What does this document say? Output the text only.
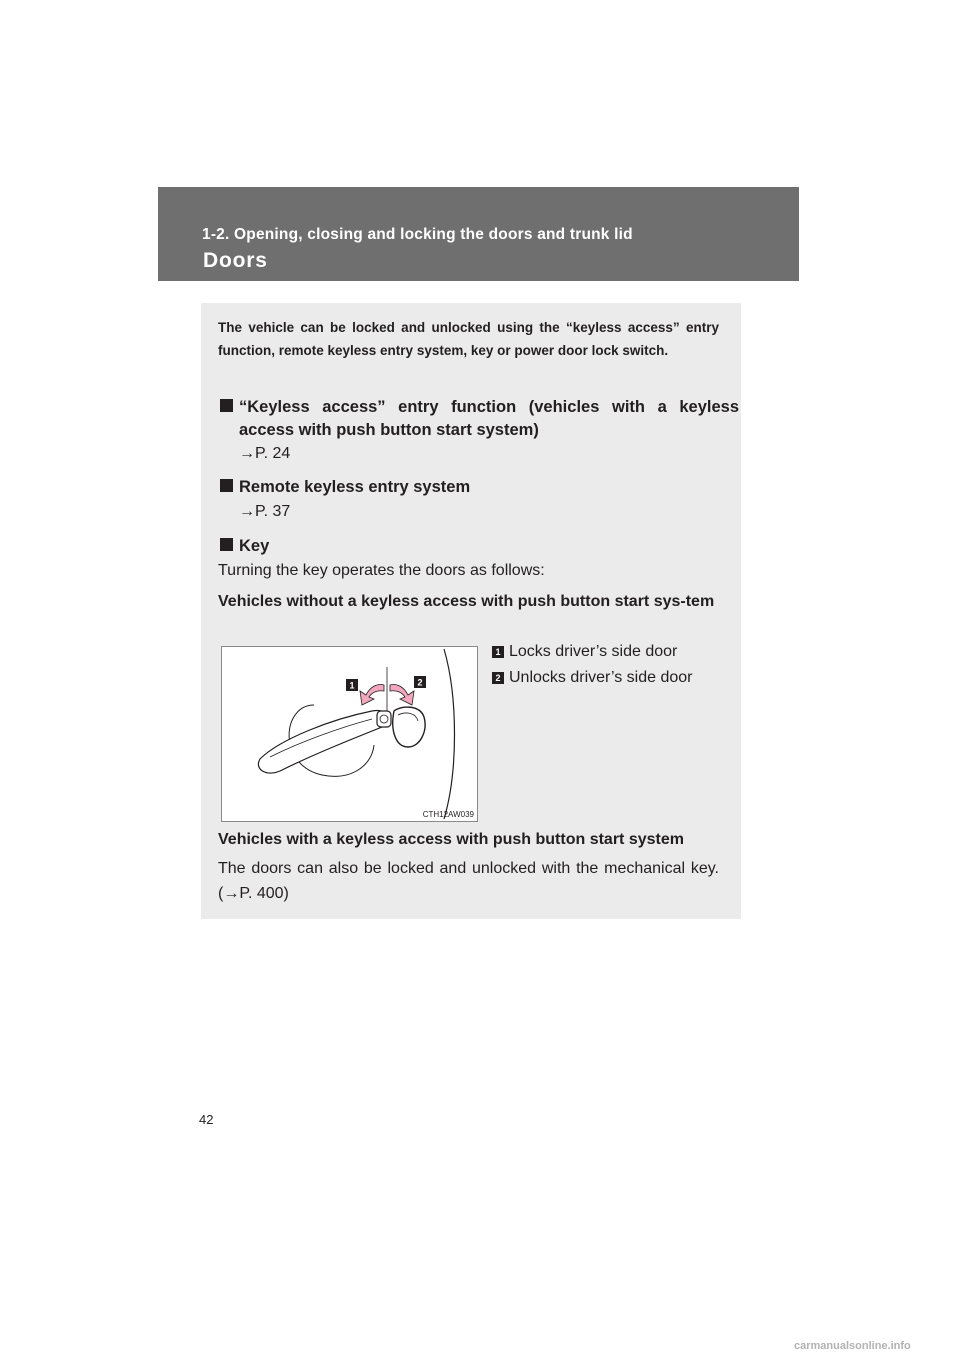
1-2. Opening, closing and locking the doors and trunk lid
Doors

The vehicle can be locked and unlocked using the “keyless access” entry function, remote keyless entry system, key or power door lock switch.

“Keyless access” entry function (vehicles with a keyless access with push button start system)
→P. 24
Remote keyless entry system
→P. 37
Key
Turning the key operates the doors as follows:
Vehicles without a keyless access with push button start sys-tem
1	2
CTH12AW039
1 Locks driver’s side door
2 Unlocks driver’s side door
Vehicles with a keyless access with push button start system

The doors can also be locked and unlocked with the mechanical key. (→P. 400)

42
carmanualsonline.info
